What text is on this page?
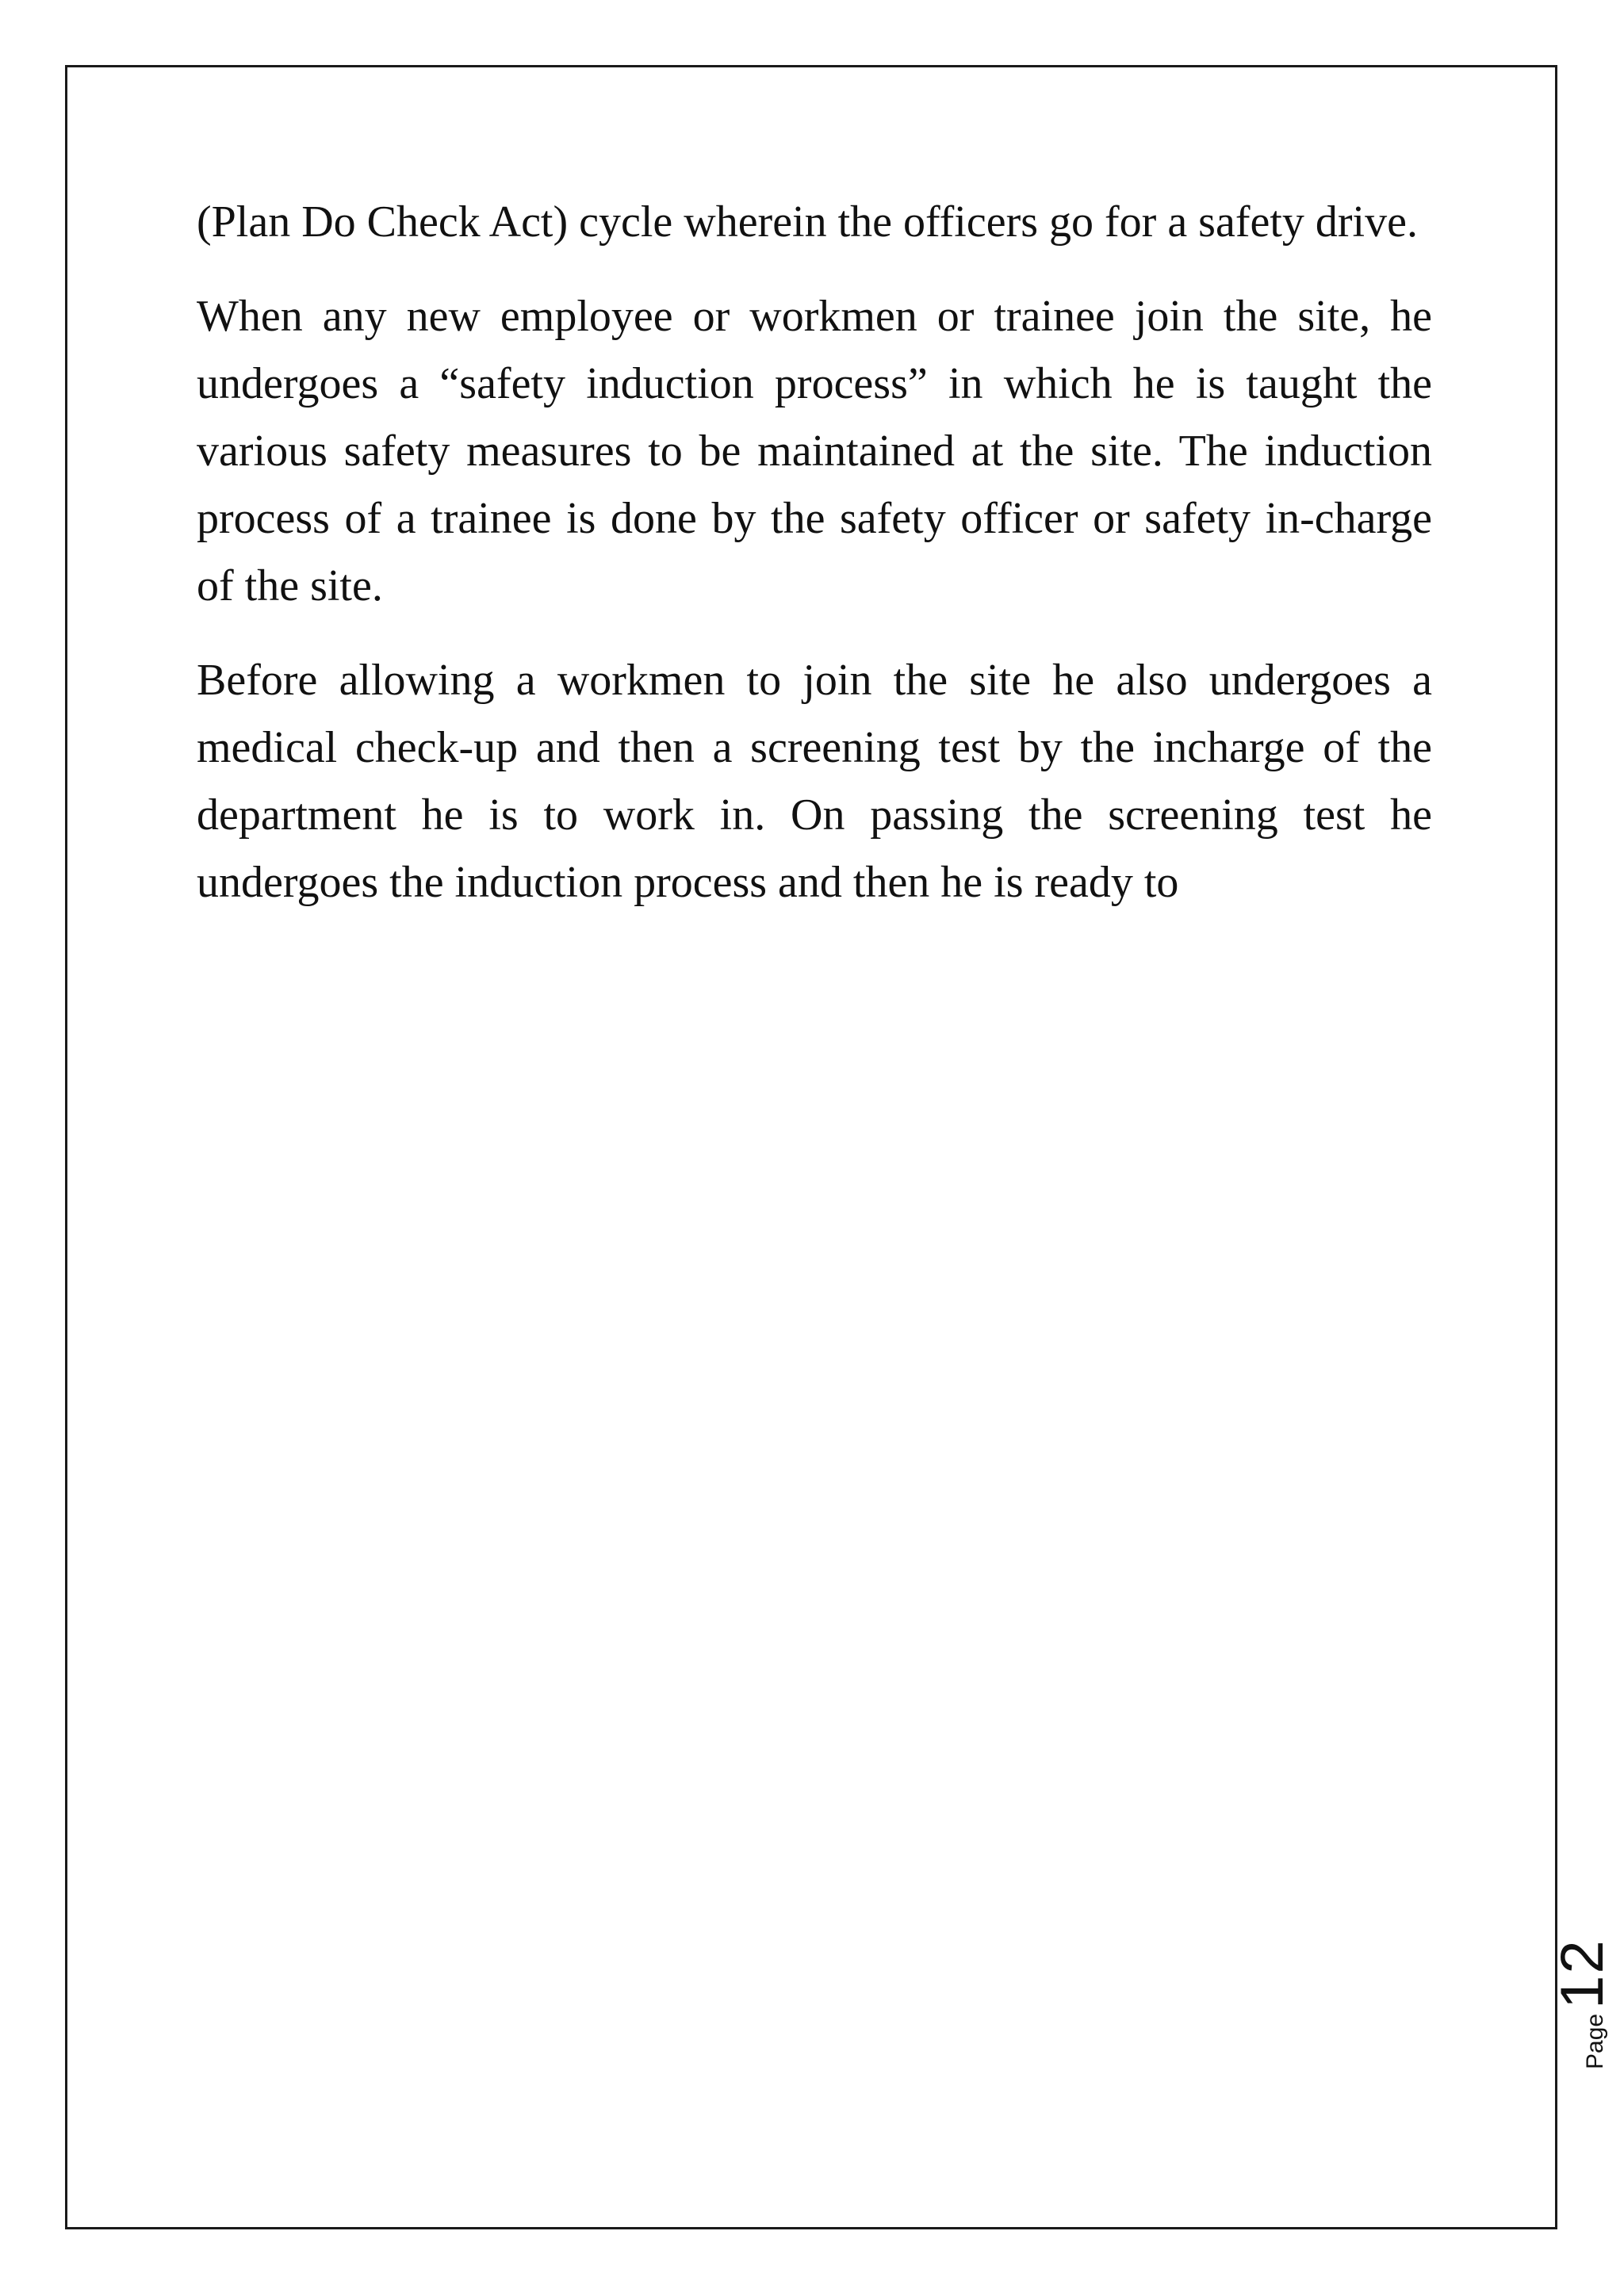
(Plan Do Check Act) cycle wherein the officers go for a safety drive.

When any new employee or workmen or trainee join the site, he undergoes a “safety induction process” in which he is taught the various safety measures to be maintained at the site. The induction process of a trainee is done by the safety officer or safety in-charge of the site.

Before allowing a workmen to join the site he also undergoes a medical check-up and then a screening test by the incharge of the department he is to work in. On passing the screening test he undergoes the induction process and then he is ready to

Page
12
